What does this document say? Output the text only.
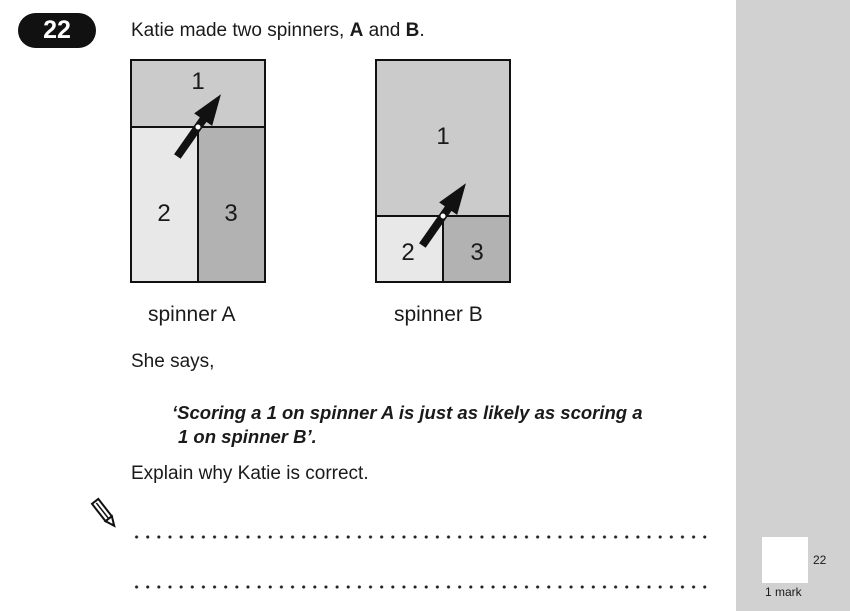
22	Katie made two spinners, A and B.
1
2 3
spinner A
1
2 3
spinner B
She says,
‘Scoring a 1 on spinner A is just as likely as scoring a
1 on spinner B’.
Explain why Katie is correct.
22
1 mark
